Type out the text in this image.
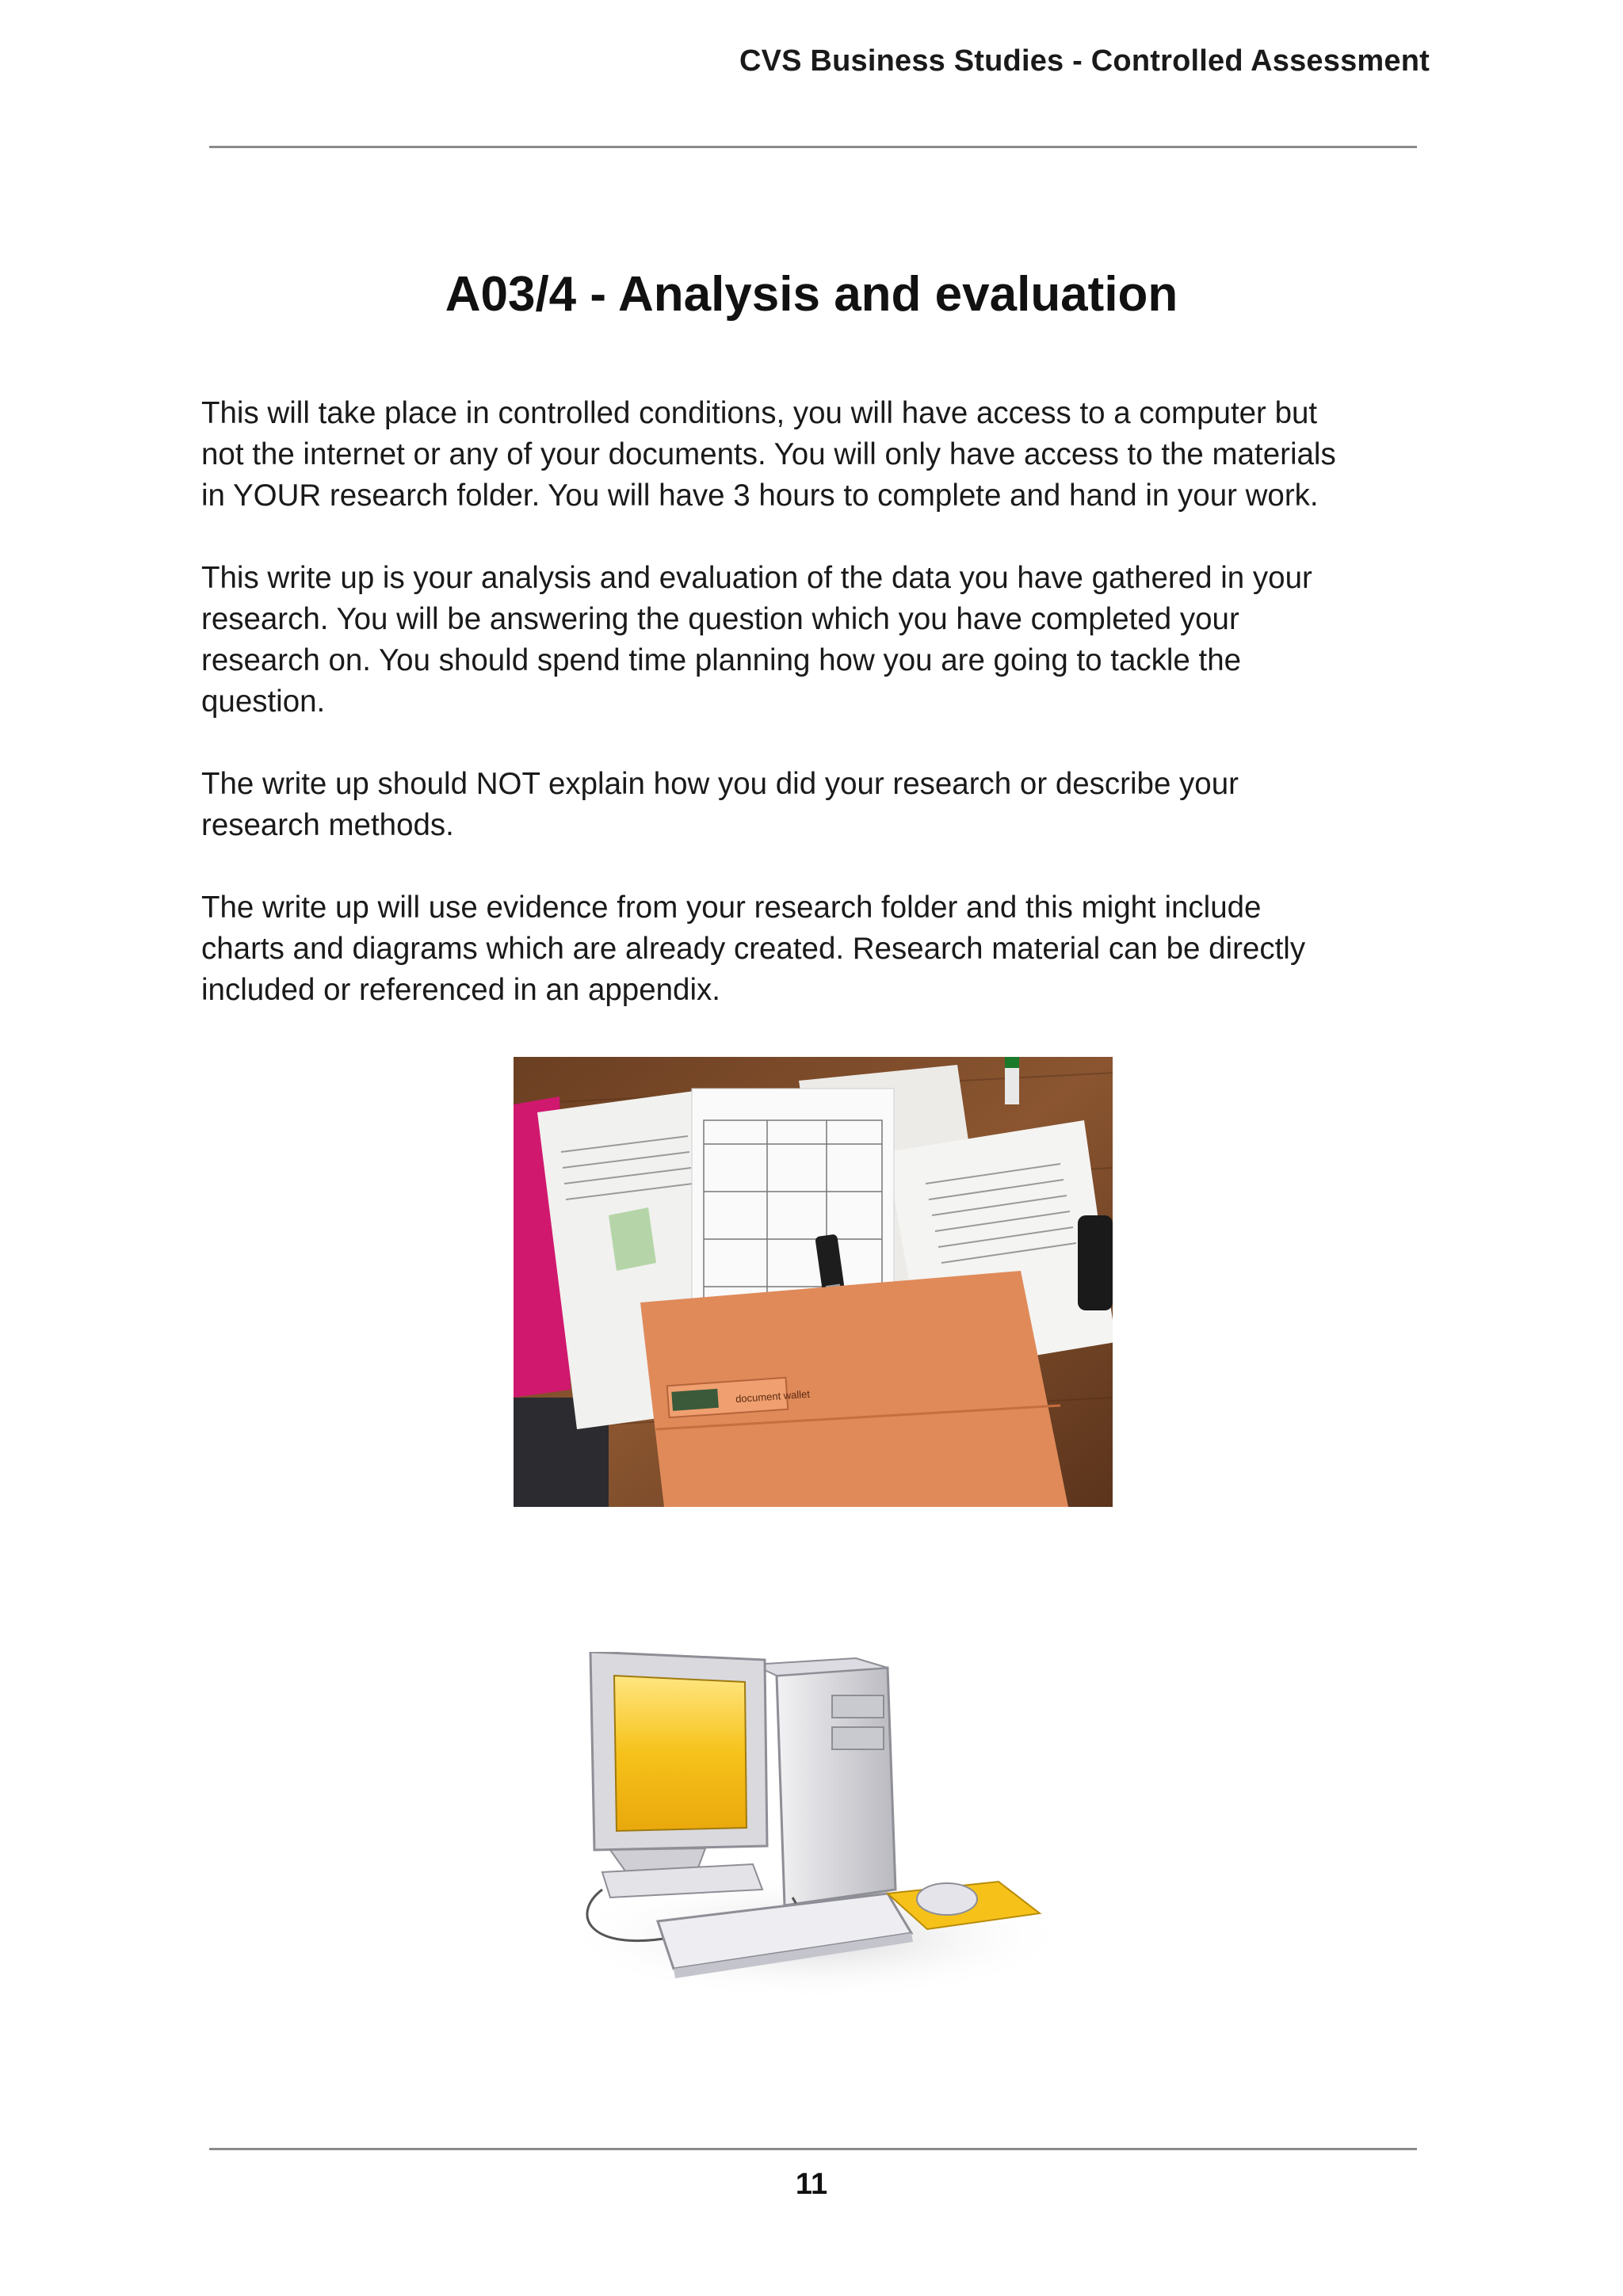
CVS Business Studies - Controlled Assessment
A03/4 - Analysis and evaluation

This will take place in controlled conditions, you will have access to a computer but
not the internet or any of your documents. You will only have access to the materials
in YOUR research folder. You will have 3 hours to complete and hand in your work.

This write up is your analysis and evaluation of the data you have gathered in your
research. You will be answering the question which you have completed your
research on. You should spend time planning how you are going to tackle the
question.

The write up should NOT explain how you did your research or describe your
research methods.

The write up will use evidence from your research folder and this might include
charts and diagrams which are already created. Research material can be directly
included or referenced in an appendix.

document wallet
11
